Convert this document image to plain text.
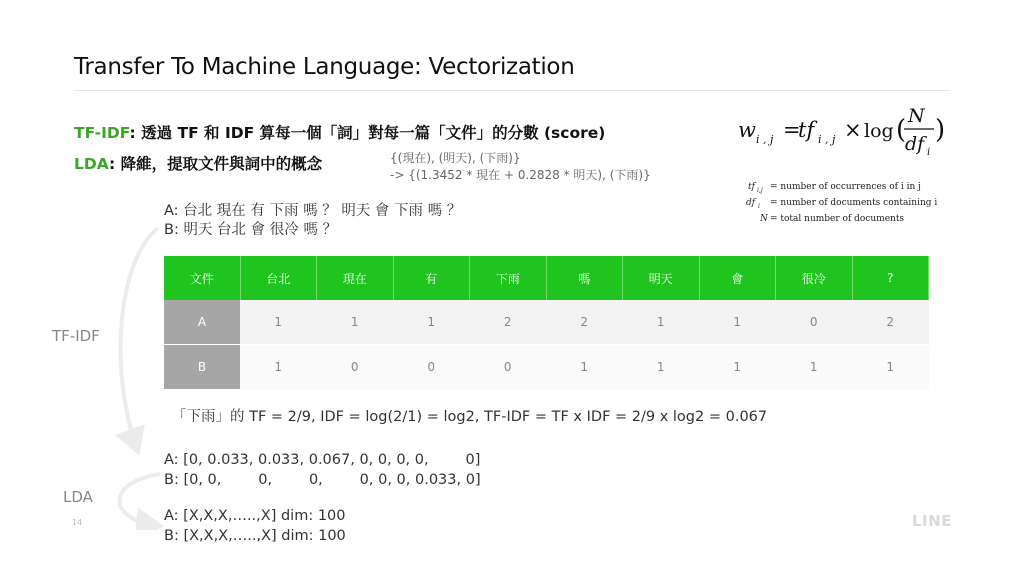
Transfer To Machine Language: Vectorization
TF-IDF: 透過 TF 和 IDF 算每一個「詞」對每一篇「文件」的分數 (score)
LDA: 降維，提取文件與詞中的概念	{(現在), (明天), (下雨)}
-> {(1.3452 * 現在 + 0.2828 * 明天), (下雨)}
w i , j =
tf i , j × log ( N
df i
)
tf i,j = number of occurrences of i in j
df i = number of documents containing i
N = total number of documents
A: 台北 現在 有 下雨 嗎 ？ 明天 會 下雨 嗎 ？
B: 明天 台北 會 很冷 嗎 ？
文件	台北	現在	有	下雨	嗎	明天	會	很冷	?
A	1	1	1	2	2	1	1	0	2
B	1	0	0	0	1	1	1	1	1
「下雨」的 TF = 2/9, IDF = log(2/1) = log2, TF-IDF = TF x IDF = 2/9 x log2 = 0.067
A: [0, 0.033, 0.033, 0.067, 0, 0, 0, 0,        0]
B: [0, 0,        0,        0,        0, 0, 0, 0.033, 0]
A: [X,X,X,…..,X] dim: 100
B: [X,X,X,…..,X] dim: 100
TF-IDF
LDA
14	LINE
